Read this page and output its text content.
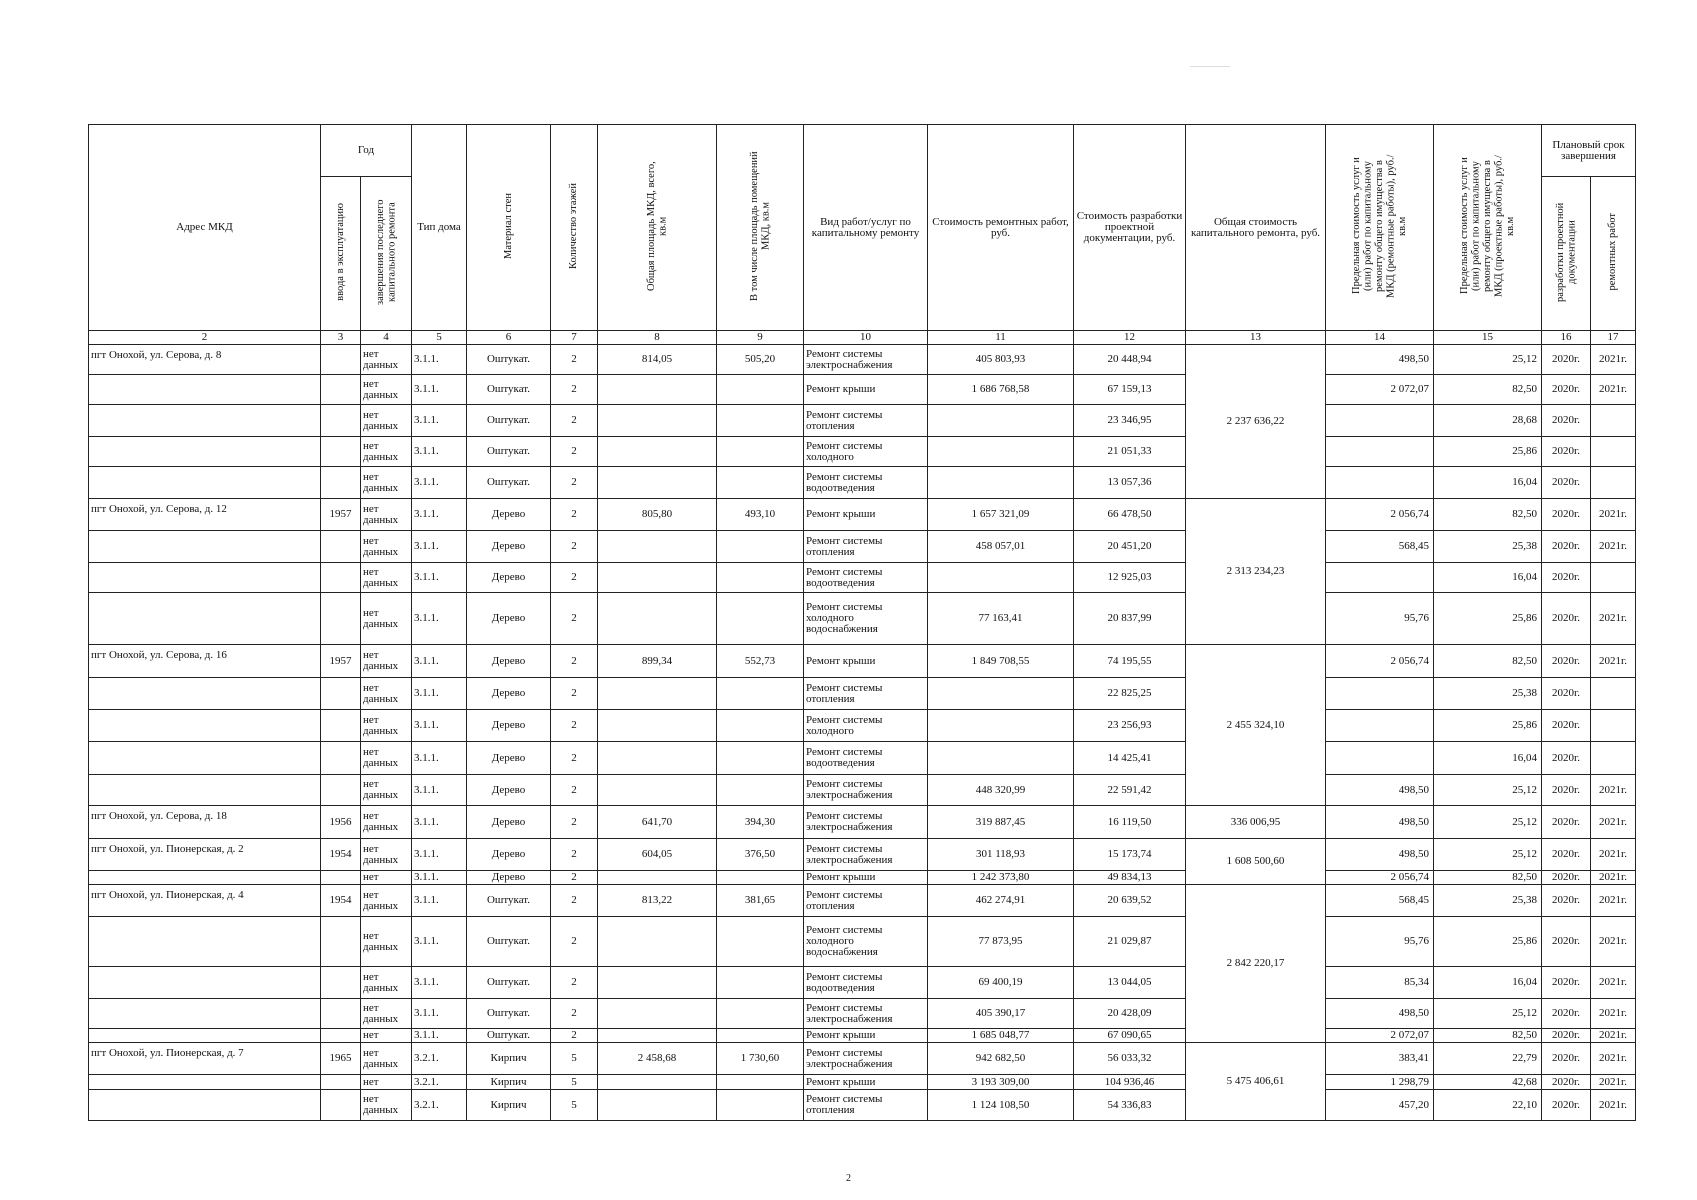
Адрес МКД	Год		Тип дома	Материал стен	Количество этажей	Общая площадь МКД, всего, кв.м	В том числе площадь помещений МКД, кв.м	Вид работ/услуг по капитальному ремонту	Стоимость ремонтных работ, руб.	Стоимость разработки проектной документации, руб.	Общая стоимость капитального ремонта, руб.	Предельная стоимость услуг и (или) работ по капитальному ремонту общего имущества в МКД (ремонтные работы), руб./кв.м	Предельная стоимость услуг и (или) работ по капитальному ремонту общего имущества в МКД (проектные работы), руб./кв.м	Плановый срок завершения	
	ввода в эксплуатацию	завершения последнего капитального ремонта												разработки проектной документации	ремонтных работ
2	3	4	5	6	7	8	9	10	11	12	13	14	15	16	17
пгт Онохой, ул. Серова, д. 8		нет данных	3.1.1.	Оштукат.	2	814,05	505,20	Ремонт системы электроснабжения	405 803,93	20 448,94	2 237 636,22	498,50	25,12	2020г.	2021г.
		нет данных	3.1.1.	Оштукат.	2			Ремонт крыши	1 686 768,58	67 159,13		2 072,07	82,50	2020г.	2021г.
		нет данных	3.1.1.	Оштукат.	2			Ремонт системы отопления		23 346,95			28,68	2020г.	
		нет данных	3.1.1.	Оштукат.	2			Ремонт системы холодного		21 051,33			25,86	2020г.	
		нет данных	3.1.1.	Оштукат.	2			Ремонт системы водоотведения		13 057,36			16,04	2020г.	
пгт Онохой, ул. Серова, д. 12	1957	нет данных	3.1.1.	Дерево	2	805,80	493,10	Ремонт крыши	1 657 321,09	66 478,50	2 313 234,23	2 056,74	82,50	2020г.	2021г.
		нет данных	3.1.1.	Дерево	2			Ремонт системы отопления	458 057,01	20 451,20		568,45	25,38	2020г.	2021г.
		нет данных	3.1.1.	Дерево	2			Ремонт системы водоотведения		12 925,03			16,04	2020г.	
		нет данных	3.1.1.	Дерево	2			Ремонт системы холодного водоснабжения	77 163,41	20 837,99		95,76	25,86	2020г.	2021г.
пгт Онохой, ул. Серова, д. 16	1957	нет данных	3.1.1.	Дерево	2	899,34	552,73	Ремонт крыши	1 849 708,55	74 195,55	2 455 324,10	2 056,74	82,50	2020г.	2021г.
		нет данных	3.1.1.	Дерево	2			Ремонт системы отопления		22 825,25			25,38	2020г.	
		нет данных	3.1.1.	Дерево	2			Ремонт системы холодного		23 256,93			25,86	2020г.	
		нет данных	3.1.1.	Дерево	2			Ремонт системы водоотведения		14 425,41			16,04	2020г.	
		нет данных	3.1.1.	Дерево	2			Ремонт системы электроснабжения	448 320,99	22 591,42		498,50	25,12	2020г.	2021г.
пгт Онохой, ул. Серова, д. 18	1956	нет данных	3.1.1.	Дерево	2	641,70	394,30	Ремонт системы электроснабжения	319 887,45	16 119,50	336 006,95	498,50	25,12	2020г.	2021г.
пгт Онохой, ул. Пионерская, д. 2	1954	нет данных	3.1.1.	Дерево	2	604,05	376,50	Ремонт системы электроснабжения	301 118,93	15 173,74	1 608 500,60	498,50	25,12	2020г.	2021г.
		нет	3.1.1.	Дерево	2			Ремонт крыши	1 242 373,80	49 834,13		2 056,74	82,50	2020г.	2021г.
пгт Онохой, ул. Пионерская, д. 4	1954	нет данных	3.1.1.	Оштукат.	2	813,22	381,65	Ремонт системы отопления	462 274,91	20 639,52	2 842 220,17	568,45	25,38	2020г.	2021г.
		нет данных	3.1.1.	Оштукат.	2			Ремонт системы холодного водоснабжения	77 873,95	21 029,87		95,76	25,86	2020г.	2021г.
		нет данных	3.1.1.	Оштукат.	2			Ремонт системы водоотведения	69 400,19	13 044,05		85,34	16,04	2020г.	2021г.
		нет данных	3.1.1.	Оштукат.	2			Ремонт системы электроснабжения	405 390,17	20 428,09		498,50	25,12	2020г.	2021г.
		нет	3.1.1.	Оштукат.	2			Ремонт крыши	1 685 048,77	67 090,65		2 072,07	82,50	2020г.	2021г.
пгт Онохой, ул. Пионерская, д. 7	1965	нет данных	3.2.1.	Кирпич	5	2 458,68	1 730,60	Ремонт системы электроснабжения	942 682,50	56 033,32	5 475 406,61	383,41	22,79	2020г.	2021г.
		нет	3.2.1.	Кирпич	5			Ремонт крыши	3 193 309,00	104 936,46		1 298,79	42,68	2020г.	2021г.
		нет данных	3.2.1.	Кирпич	5			Ремонт системы отопления	1 124 108,50	54 336,83		457,20	22,10	2020г.	2021г.
2
